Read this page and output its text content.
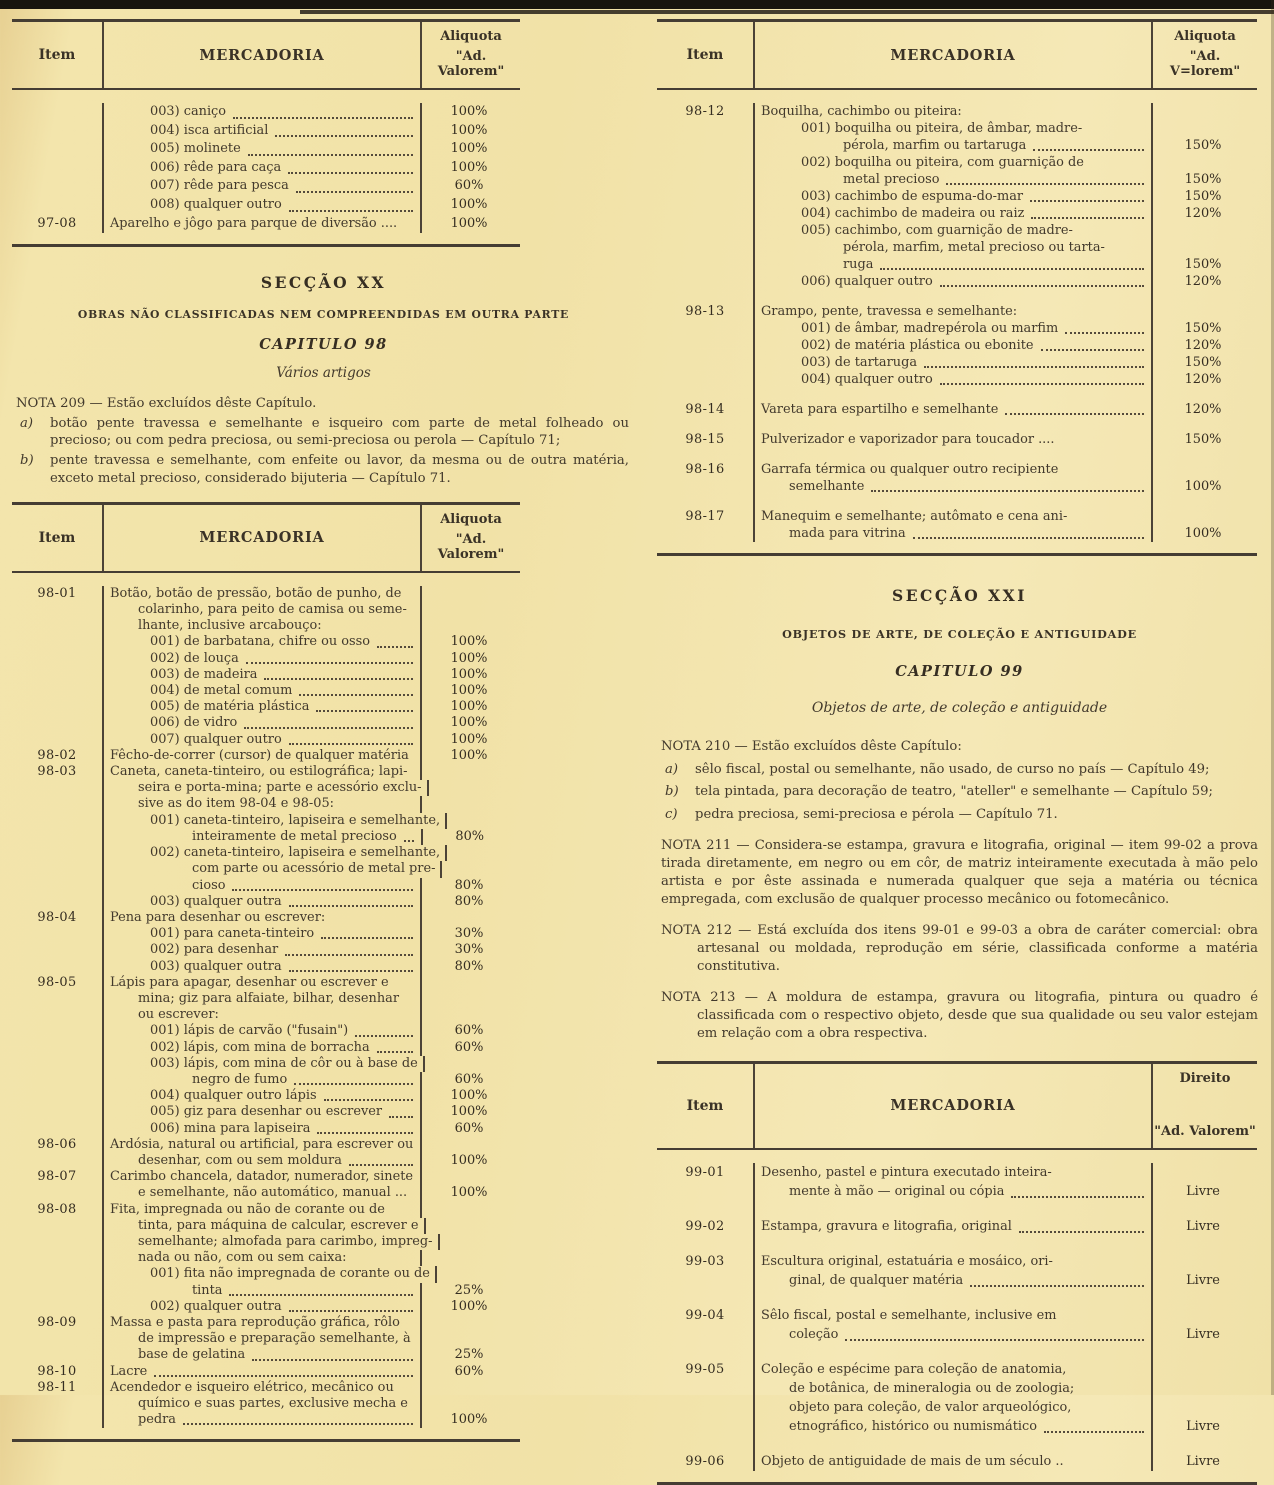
Item	MERCADORIA
Aliquota
"Ad. Valorem"
003) caniço	100%
004) isca artificial	100%
005) molinete	100%
006) rêde para caça	100%
007) rêde para pesca	60%
008) qualquer outro	100%
97-08	Aparelho e jôgo para parque de diversão ....	100%
SECÇÃO XX
OBRAS NÃO CLASSIFICADAS NEM COMPREENDIDAS EM OUTRA PARTE
CAPITULO 98
Vários artigos
NOTA 209 — Estão excluídos dêste Capítulo.
a)	botão pente travessa e semelhante e isqueiro com parte de metal folheado ou precioso; ou com pedra preciosa, ou semi-preciosa ou perola — Capítulo 71;
b)	pente travessa e semelhante, com enfeite ou lavor, da mesma ou de outra matéria, exceto metal precioso, considerado bijuteria — Capítulo 71.
Item	MERCADORIA
Aliquota
"Ad. Valorem"
98-01	Botão, botão de pressão, botão de punho, de
colarinho, para peito de camisa ou seme-
lhante, inclusive arcabouço:
001) de barbatana, chifre ou osso	100%
002) de louça	100%
003) de madeira	100%
004) de metal comum	100%
005) de matéria plástica	100%
006) de vidro	100%
007) qualquer outro	100%
98-02	Fêcho-de-correr (cursor) de qualquer matéria	100%
98-03	Caneta, caneta-tinteiro, ou estilográfica; lapi-
seira e porta-mina; parte e acessório exclu-
sive as do item 98-04 e 98-05:
001) caneta-tinteiro, lapiseira e semelhante,
inteiramente de metal precioso	80%
002) caneta-tinteiro, lapiseira e semelhante,
com parte ou acessório de metal pre-
cioso	80%
003) qualquer outra	80%
98-04	Pena para desenhar ou escrever:
001) para caneta-tinteiro	30%
002) para desenhar	30%
003) qualquer outra	80%
98-05	Lápis para apagar, desenhar ou escrever e
mina; giz para alfaiate, bilhar, desenhar
ou escrever:
001) lápis de carvão ("fusain")	60%
002) lápis, com mina de borracha	60%
003) lápis, com mina de côr ou à base de
negro de fumo	60%
004) qualquer outro lápis	100%
005) giz para desenhar ou escrever	100%
006) mina para lapiseira	60%
98-06	Ardósia, natural ou artificial, para escrever ou
desenhar, com ou sem moldura	100%
98-07	Carimbo chancela, datador, numerador, sinete
e semelhante, não automático, manual ...	100%
98-08	Fita, impregnada ou não de corante ou de
tinta, para máquina de calcular, escrever e
semelhante; almofada para carimbo, impreg-
nada ou não, com ou sem caixa:
001) fita não impregnada de corante ou de
tinta	25%
002) qualquer outra	100%
98-09	Massa e pasta para reprodução gráfica, rôlo
de impressão e preparação semelhante, à
base de gelatina	25%
98-10	Lacre	60%
98-11	Acendedor e isqueiro elétrico, mecânico ou
químico e suas partes, exclusive mecha e
pedra	100%
Item	MERCADORIA
Aliquota
"Ad. V=lorem"
98-12	Boquilha, cachimbo ou piteira:
001) boquilha ou piteira, de âmbar, madre-
pérola, marfim ou tartaruga	150%
002) boquilha ou piteira, com guarnição de
metal precioso	150%
003) cachimbo de espuma-do-mar	150%
004) cachimbo de madeira ou raiz	120%
005) cachimbo, com guarnição de madre-
pérola, marfim, metal precioso ou tarta-
ruga	150%
006) qualquer outro	120%
98-13	Grampo, pente, travessa e semelhante:
001) de âmbar, madrepérola ou marfim	150%
002) de matéria plástica ou ebonite	120%
003) de tartaruga	150%
004) qualquer outro	120%
98-14	Vareta para espartilho e semelhante	120%
98-15	Pulverizador e vaporizador para toucador ....	150%
98-16	Garrafa térmica ou qualquer outro recipiente
semelhante	100%
98-17	Manequim e semelhante; autômato e cena ani-
mada para vitrina	100%
SECÇÃO XXI
OBJETOS DE ARTE, DE COLEÇÃO E ANTIGUIDADE
CAPITULO 99
Objetos de arte, de coleção e antiguidade
NOTA 210 — Estão excluídos dêste Capítulo:
a)	sêlo fiscal, postal ou semelhante, não usado, de curso no país — Capítulo 49;
b)	tela pintada, para decoração de teatro, "ateller" e semelhante — Capítulo 59;
c)	pedra preciosa, semi-preciosa e pérola — Capítulo 71.
NOTA 211 — Considera-se estampa, gravura e litografia, original — item 99-02 a prova tirada diretamente, em negro ou em côr, de matriz inteiramente executada à mão pelo artista e por êste assinada e numerada qualquer que seja a matéria ou técnica empregada, com exclusão de qualquer processo mecânico ou fotomecânico.
NOTA 212 — Está excluída dos itens 99-01 e 99-03 a obra de caráter comercial: obra artesanal ou moldada, reprodução em série, classificada conforme a matéria constitutiva.
NOTA 213 — A moldura de estampa, gravura ou litografia, pintura ou quadro é classificada com o respectivo objeto, desde que sua qualidade ou seu valor estejam em relação com a obra respectiva.
Item	MERCADORIA
Direito
"Ad. Valorem"
99-01	Desenho, pastel e pintura executado inteira-
mente à mão — original ou cópia	Livre
99-02	Estampa, gravura e litografia, original	Livre
99-03	Escultura original, estatuária e mosáico, ori-
ginal, de qualquer matéria	Livre
99-04	Sêlo fiscal, postal e semelhante, inclusive em
coleção	Livre
99-05	Coleção e espécime para coleção de anatomia,
de botânica, de mineralogia ou de zoologia;
objeto para coleção, de valor arqueológico,
etnográfico, histórico ou numismático	Livre
99-06	Objeto de antiguidade de mais de um século ..	Livre
